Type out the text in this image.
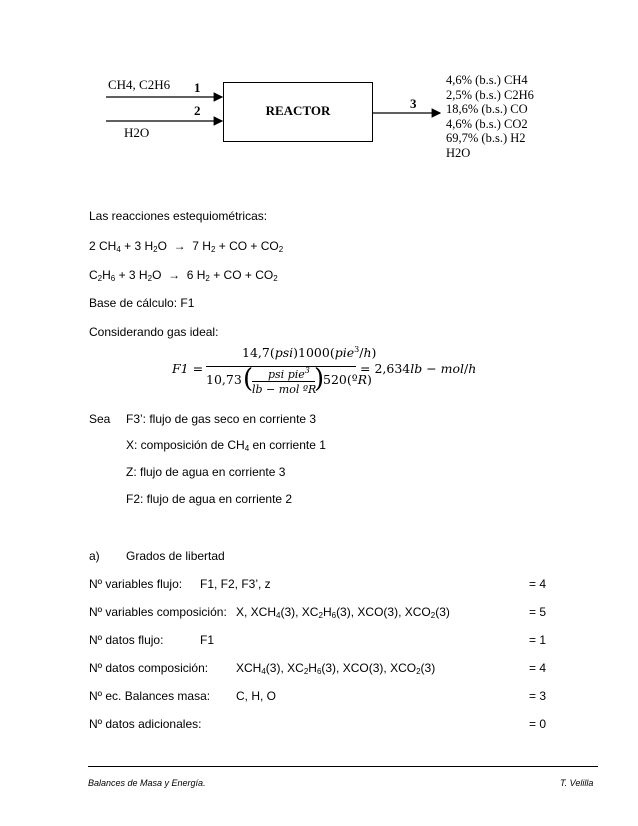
CH4, C2H6
H2O
1
2	3
REACTOR
4,6% (b.s.) CH4
2,5% (b.s.) C2H6
18,6% (b.s.) CO
4,6% (b.s.) CO2
69,7% (b.s.) H2
H2O
Las reacciones estequiométricas:
2 $CH_4 + 3$ $H_2O \to 7$ $H_2$ + CO + $CO_2$
$C_2H_6 + 3$ $H_2O \to 6$ $H_2$ + CO + $CO_2$
Base de cálculo: F1
Considerando gas ideal:
F1 =
14,7(psi)1000(pie$^3$/h)
10,73 ( psi pie$^3$
lb − mol ºR
)
520(ºR)
= 2,634lb − mol/h
Sea F3’: flujo de gas seco en corriente 3
X: composición de $CH_4$ en corriente 1
Z: flujo de agua en corriente 3
F2: flujo de agua en corriente 2
a) Grados de libertad
Nº variables flujo: F1, F2, F3’, z	= 4
Nº variables composición: X, $XCH_4(3)$, $XC_2H_6(3)$, XCO(3), $XCO_2(3)$	= 5
Nº datos flujo:	F1	= 1
Nº datos composición: $XCH_4(3)$, $XC_2H_6(3)$, XCO(3), $XCO_2(3)$	= 4
Nº ec. Balances masa: C, H, O	= 3
Nº datos adicionales:	= 0
Balances de Masa y Energía.	T. Velilla
